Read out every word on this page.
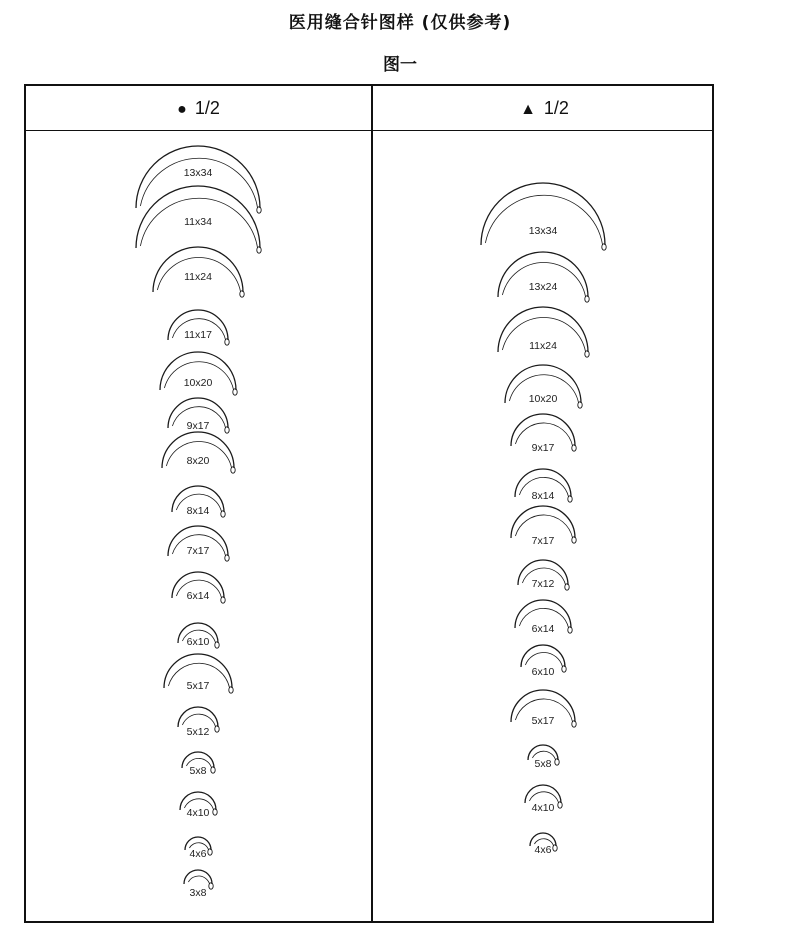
医用缝合针图样 (仅供参考)
图一
● 1/2	▲ 1/2
13x34
11x34
11x24
11x17
10x20
9x17
8x20
8x14
7x17
6x14
6x10
5x17
5x12
5x8
4x10
4x6
3x8
13x34
13x24
11x24
10x20
9x17
8x14
7x17
7x12
6x14
6x10
5x17
5x8
4x10
4x6
